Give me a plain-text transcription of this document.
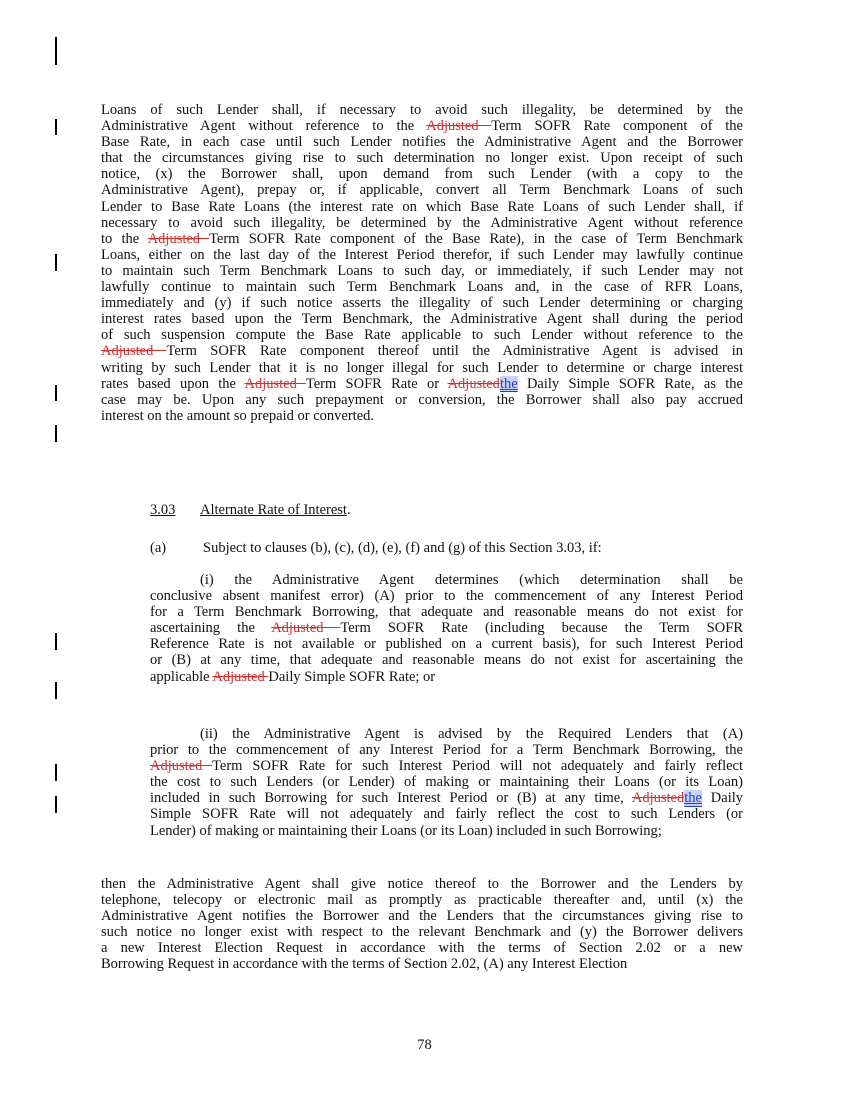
Loans of such Lender shall, if necessary to avoid such illegality, be determined by the
Administrative Agent without reference to the Adjusted Term SOFR Rate component of the
Base Rate, in each case until such Lender notifies the Administrative Agent and the Borrower
that the circumstances giving rise to such determination no longer exist. Upon receipt of such
notice, (x) the Borrower shall, upon demand from such Lender (with a copy to the
Administrative Agent), prepay or, if applicable, convert all Term Benchmark Loans of such
Lender to Base Rate Loans (the interest rate on which Base Rate Loans of such Lender shall, if
necessary to avoid such illegality, be determined by the Administrative Agent without reference
to the Adjusted Term SOFR Rate component of the Base Rate), in the case of Term Benchmark
Loans, either on the last day of the Interest Period therefor, if such Lender may lawfully continue
to maintain such Term Benchmark Loans to such day, or immediately, if such Lender may not
lawfully continue to maintain such Term Benchmark Loans and, in the case of RFR Loans,
immediately and (y) if such notice asserts the illegality of such Lender determining or charging
interest rates based upon the Term Benchmark, the Administrative Agent shall during the period
of such suspension compute the Base Rate applicable to such Lender without reference to the
Adjusted Term SOFR Rate component thereof until the Administrative Agent is advised in
writing by such Lender that it is no longer illegal for such Lender to determine or charge interest
rates based upon the Adjusted Term SOFR Rate or Adjustedthe Daily Simple SOFR Rate, as the
case may be. Upon any such prepayment or conversion, the Borrower shall also pay accrued
interest on the amount so prepaid or converted.
3.03 Alternate Rate of Interest.
(a)	Subject to clauses (b), (c), (d), (e), (f) and (g) of this Section 3.03, if:
(i) the Administrative Agent determines (which determination shall be
conclusive absent manifest error) (A) prior to the commencement of any Interest Period
for a Term Benchmark Borrowing, that adequate and reasonable means do not exist for
ascertaining the Adjusted Term SOFR Rate (including because the Term SOFR
Reference Rate is not available or published on a current basis), for such Interest Period
or (B) at any time, that adequate and reasonable means do not exist for ascertaining the
applicable Adjusted Daily Simple SOFR Rate; or
(ii) the Administrative Agent is advised by the Required Lenders that (A)
prior to the commencement of any Interest Period for a Term Benchmark Borrowing, the
Adjusted Term SOFR Rate for such Interest Period will not adequately and fairly reflect
the cost to such Lenders (or Lender) of making or maintaining their Loans (or its Loan)
included in such Borrowing for such Interest Period or (B) at any time, Adjustedthe Daily
Simple SOFR Rate will not adequately and fairly reflect the cost to such Lenders (or
Lender) of making or maintaining their Loans (or its Loan) included in such Borrowing;
then the Administrative Agent shall give notice thereof to the Borrower and the Lenders by
telephone, telecopy or electronic mail as promptly as practicable thereafter and, until (x) the
Administrative Agent notifies the Borrower and the Lenders that the circumstances giving rise to
such notice no longer exist with respect to the relevant Benchmark and (y) the Borrower delivers
a new Interest Election Request in accordance with the terms of Section 2.02 or a new
Borrowing Request in accordance with the terms of Section 2.02, (A) any Interest Election
78
